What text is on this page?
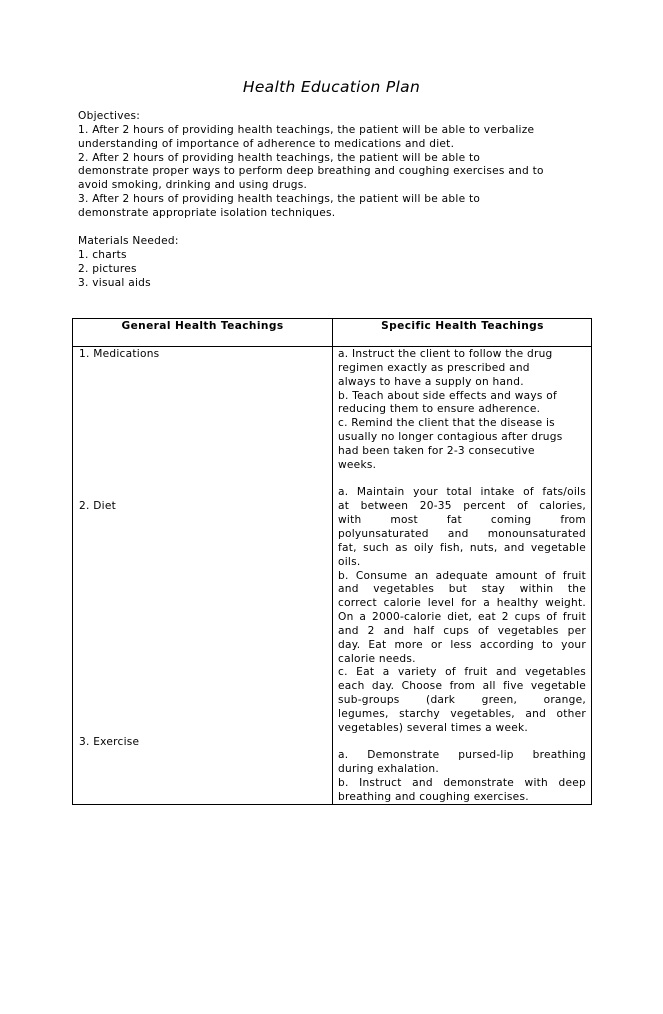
Health Education Plan
Objectives:
1. After 2 hours of providing health teachings, the patient will be able to verbalize
understanding of importance of adherence to medications and diet.
2. After 2 hours of providing health teachings, the patient will be able to
demonstrate proper ways to perform deep breathing and coughing exercises and to
avoid smoking, drinking and using drugs.
3. After 2 hours of providing health teachings, the patient will be able to
demonstrate appropriate isolation techniques.
Materials Needed:
1. charts
2. pictures
3. visual aids
General Health Teachings	Specific Health Teachings
1. Medications
2. Diet
3. Exercise
a. Instruct the client to follow the drug
regimen exactly as prescribed and
always to have a supply on hand.
b. Teach about side effects and ways of
reducing them to ensure adherence.
c. Remind the client that the disease is
usually no longer contagious after drugs
had been taken for 2-3 consecutive
weeks.
a. Maintain your total intake of fats/oils
at between 20-35 percent of calories,
with most fat coming from
polyunsaturated and monounsaturated
fat, such as oily fish, nuts, and vegetable
oils.
b. Consume an adequate amount of fruit
and vegetables but stay within the
correct calorie level for a healthy weight.
On a 2000-calorie diet, eat 2 cups of fruit
and 2 and half cups of vegetables per
day. Eat more or less according to your
calorie needs.
c. Eat a variety of fruit and vegetables
each day. Choose from all five vegetable
sub-groups (dark green, orange,
legumes, starchy vegetables, and other
vegetables) several times a week.
a. Demonstrate pursed-lip breathing
during exhalation.
b. Instruct and demonstrate with deep
breathing and coughing exercises.
